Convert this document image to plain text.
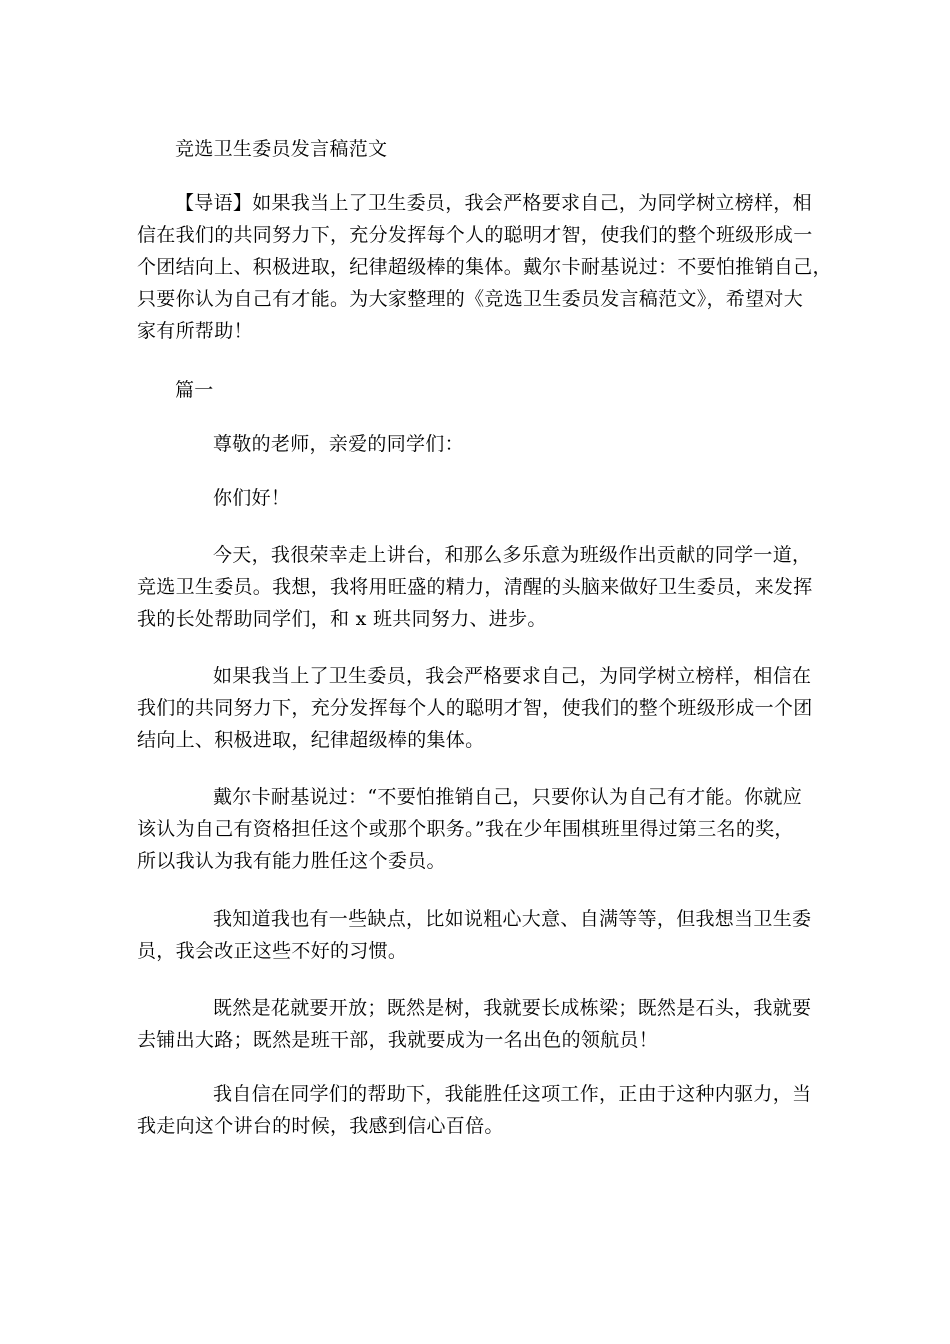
竞选卫生委员发言稿范文
【导语】如果我当上了卫生委员，我会严格要求自己，为同学树立榜样，相
信在我们的共同努力下，充分发挥每个人的聪明才智，使我们的整个班级形成一
个团结向上、积极进取，纪律超级棒的集体。戴尔卡耐基说过：不要怕推销自己，
只要你认为自己有才能。为大家整理的《竞选卫生委员发言稿范文》，希望对大
家有所帮助！
篇一
尊敬的老师，亲爱的同学们：
你们好！
今天，我很荣幸走上讲台，和那么多乐意为班级作出贡献的同学一道，
竞选卫生委员。我想，我将用旺盛的精力，清醒的头脑来做好卫生委员，来发挥
我的长处帮助同学们，和 x 班共同努力、进步。
如果我当上了卫生委员，我会严格要求自己，为同学树立榜样，相信在
我们的共同努力下，充分发挥每个人的聪明才智，使我们的整个班级形成一个团
结向上、积极进取，纪律超级棒的集体。
戴尔卡耐基说过：“不要怕推销自己，只要你认为自己有才能。你就应
该认为自己有资格担任这个或那个职务。”我在少年围棋班里得过第三名的奖，
所以我认为我有能力胜任这个委员。
我知道我也有一些缺点，比如说粗心大意、自满等等，但我想当卫生委
员，我会改正这些不好的习惯。
既然是花就要开放；既然是树，我就要长成栋梁；既然是石头，我就要
去铺出大路；既然是班干部，我就要成为一名出色的领航员！
我自信在同学们的帮助下，我能胜任这项工作，正由于这种内驱力，当
我走向这个讲台的时候，我感到信心百倍。
